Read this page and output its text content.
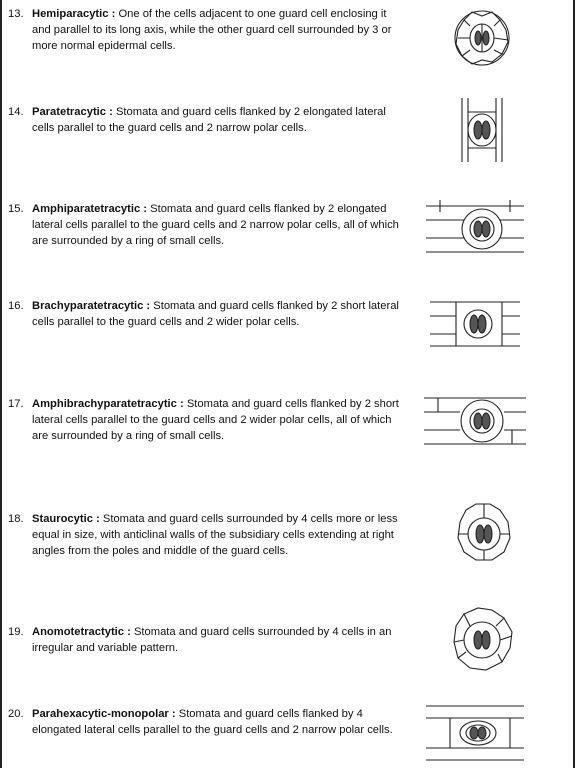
13. Hemiparacytic : One of the cells adjacent to one guard cell enclosing it and parallel to its long axis, while the other guard cell surrounded by 3 or more normal epidermal cells.
14. Paratetracytic : Stomata and guard cells flanked by 2 elongated lateral cells parallel to the guard cells and 2 narrow polar cells.
15. Amphiparatetracytic : Stomata and guard cells flanked by 2 elongated lateral cells parallel to the guard cells and 2 narrow polar cells, all of which are surrounded by a ring of small cells.
16. Brachyparatetracytic : Stomata and guard cells flanked by 2 short lateral cells parallel to the guard cells and 2 wider polar cells.
17. Amphibrachyparatetracytic : Stomata and guard cells flanked by 2 short lateral cells parallel to the guard cells and 2 wider polar cells, all of which are surrounded by a ring of small cells.
18. Staurocytic : Stomata and guard cells surrounded by 4 cells more or less equal in size, with anticlinal walls of the subsidiary cells extending at right angles from the poles and middle of the guard cells.
19. Anomotetractytic : Stomata and guard cells surrounded by 4 cells in an irregular and variable pattern.
20. Parahexacytic-monopolar : Stomata and guard cells flanked by 4 elongated lateral cells parallel to the guard cells and 2 narrow polar cells.
